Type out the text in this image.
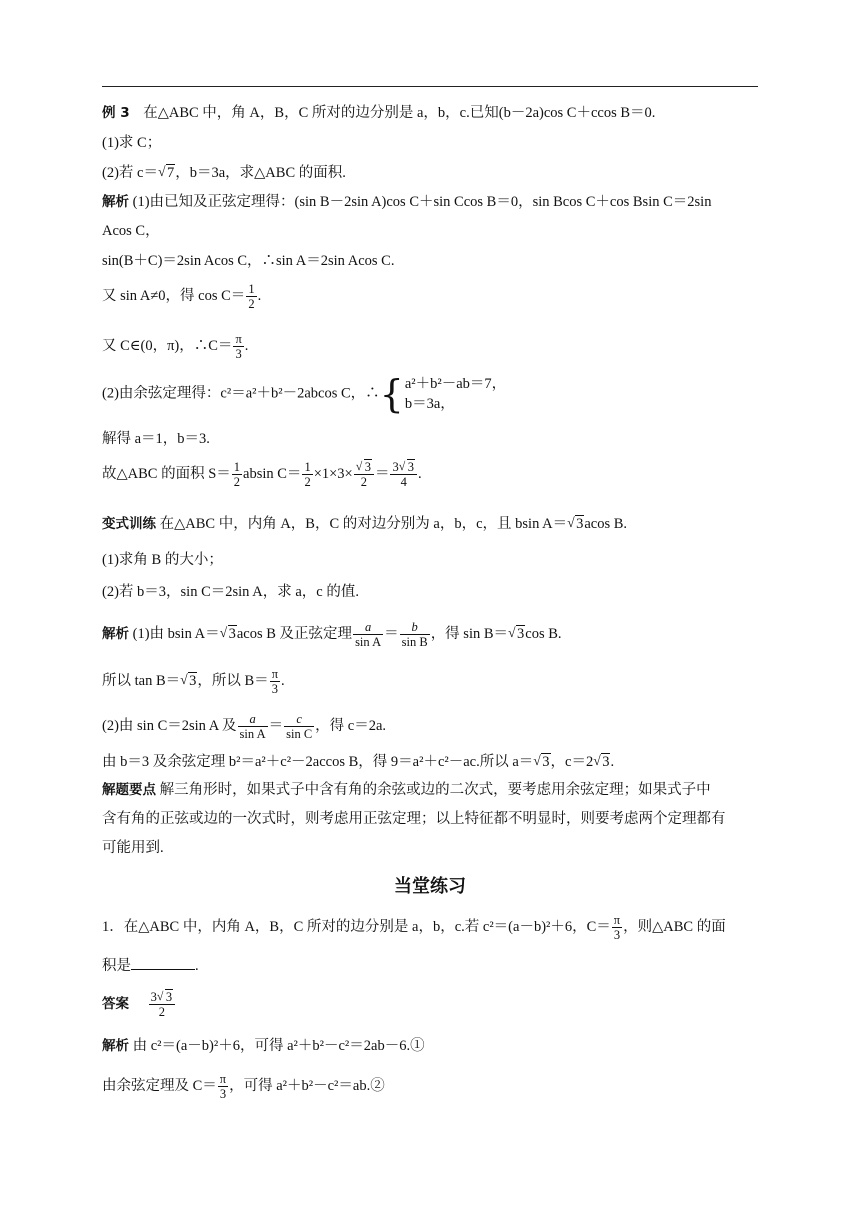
例 3 在△ABC 中，角 A，B，C 所对的边分别是 a，b，c.已知(b－2a)cos C＋ccos B＝0.
(1)求 C；
(2)若 c＝ √ 7，b＝3a，求△ABC 的面积.
解析 (1)由已知及正弦定理得：(sin B－2sin A)cos C＋sin Ccos B＝0，sin Bcos C＋cos Bsin C＝2sin
Acos C，
sin(B＋C)＝2sin Acos C，∴sin A＝2sin Acos C.
又 sin A≠0，得 $\cos C= \frac{1}{2}$ .
又 C∈(0，π)，∴C＝ $\frac{\pi}{3}$ .
(2)由余弦定理得：c²＝a²＋b²－2abcos C，∴{ a²＋b²－ab＝7，
b＝3a，
解得 a＝1，b＝3.
故△ABC 的面积 $S= \frac{1}{2}$ absin $C= \frac{1}{2} \times 1\times 3\times$ √ $\frac{3}{2} = \frac{3 √ 3}{4}$ .
变式训练 在△ABC 中，内角 A，B，C 的对边分别为 a，b，c，且 bsin A＝ √ 3acos B.
(1)求角 B 的大小；
(2)若 b＝3，sin C＝2sin A，求 a，c 的值.
解析 (1)由 bsin A＝ √ 3acos B 及正弦定理 $\frac{a}{\text{sin A}} = \frac{b}{\text{sin B}}$ ，得 sin B＝ √ 3cos B.
所以 tan B＝ √ 3，所以 $B= \frac{\pi}{3}$ .
(2)由 sin C＝2sin A 及 $\frac{a}{\text{sin A}} = \frac{c}{\text{sin C}}$ ，得 c＝2a.
由 b＝3 及余弦定理 b²＝a²＋c²－2accos B，得 9＝a²＋c²－ac.所以 a＝ √ 3，c＝2 √ 3.
解题要点 解三角形时，如果式子中含有角的余弦或边的二次式，要考虑用余弦定理；如果式子中
含有角的正弦或边的一次式时，则考虑用正弦定理；以上特征都不明显时，则要考虑两个定理都有
可能用到.
当堂练习
1．在△ABC 中，内角 A，B，C 所对的边分别是 a，b，c.若 c²＝(a－b)²＋6，$C= \frac{\pi}{3}$ ，则△ABC 的面
积是	.
答案 $\frac{3 √ 3}{2}$
解析 由 c²＝(a－b)²＋6，可得 a²＋b²－c²＝2ab－6.①
由余弦定理及 $C= \frac{\pi}{3}$ ，可得 a²＋b²－c²＝ab.②
